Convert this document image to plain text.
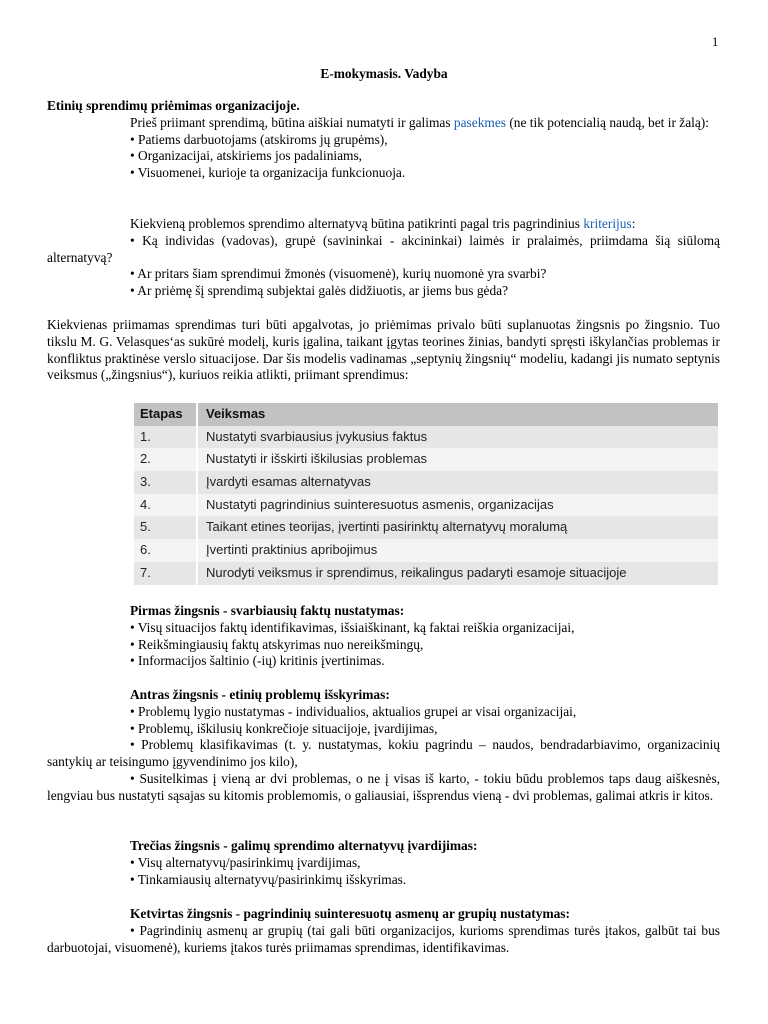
1
E-mokymasis. Vadyba

Etinių sprendimų priėmimas organizacijoje.

Prieš priimant sprendimą, būtina aiškiai numatyti ir galimas pasekmes (ne tik potencialią naudą, bet ir žalą):

• Patiems darbuotojams (atskiroms jų grupėms),

• Organizacijai, atskiriems jos padaliniams,

• Visuomenei, kurioje ta organizacija funkcionuoja.

Kiekvieną problemos sprendimo alternatyvą būtina patikrinti pagal tris pagrindinius kriterijus:

• Ką individas (vadovas), grupė (savininkai - akcininkai) laimės ir pralaimės, priimdama šią siūlomą alternatyvą?

• Ar pritars šiam sprendimui žmonės (visuomenė), kurių nuomonė yra svarbi?

• Ar priėmę šį sprendimą subjektai galės didžiuotis, ar jiems bus gėda?

Kiekvienas priimamas sprendimas turi būti apgalvotas, jo priėmimas privalo būti suplanuotas žingsnis po žingsnio. Tuo tikslu M. G. Velasques‘as sukūrė modelį, kuris įgalina, taikant įgytas teorines žinias, bandyti spręsti iškylančias problemas ir konfliktus praktinėse verslo situacijose. Dar šis modelis vadinamas „septynių žingsnių“ modeliu, kadangi jis numato septynis veiksmus („žingsnius“), kuriuos reikia atlikti, priimant sprendimus:
Etapas	Veiksmas
1.	Nustatyti svarbiausius įvykusius faktus
2.	Nustatyti ir išskirti iškilusias problemas
3.	Įvardyti esamas alternatyvas
4.	Nustatyti pagrindinius suinteresuotus asmenis, organizacijas
5.	Taikant etines teorijas, įvertinti pasirinktų alternatyvų moralumą
6.	Įvertinti praktinius apribojimus
7.	Nurodyti veiksmus ir sprendimus, reikalingus padaryti esamoje situacijoje

Pirmas žingsnis - svarbiausių faktų nustatymas:

• Visų situacijos faktų identifikavimas, išsiaiškinant, ką faktai reiškia organizacijai,

• Reikšmingiausių faktų atskyrimas nuo nereikšmingų,

• Informacijos šaltinio (-ių) kritinis įvertinimas.

Antras žingsnis - etinių problemų išskyrimas:

• Problemų lygio nustatymas - individualios, aktualios grupei ar visai organizacijai,

• Problemų, iškilusių konkrečioje situacijoje, įvardijimas,

• Problemų klasifikavimas (t. y. nustatymas, kokiu pagrindu – naudos, bendradarbiavimo, organizacinių santykių ar teisingumo įgyvendinimo jos kilo),

• Susitelkimas į vieną ar dvi problemas, o ne į visas iš karto, - tokiu būdu problemos taps daug aiškesnės, lengviau bus nustatyti sąsajas su kitomis problemomis, o galiausiai, išsprendus vieną - dvi problemas, galimai atkris ir kitos.

Trečias žingsnis - galimų sprendimo alternatyvų įvardijimas:

• Visų alternatyvų/pasirinkimų įvardijimas,

• Tinkamiausių alternatyvų/pasirinkimų išskyrimas.

Ketvirtas žingsnis - pagrindinių suinteresuotų asmenų ar grupių nustatymas:

• Pagrindinių asmenų ar grupių (tai gali būti organizacijos, kurioms sprendimas turės įtakos, galbūt tai bus darbuotojai, visuomenė), kuriems įtakos turės priimamas sprendimas, identifikavimas.
